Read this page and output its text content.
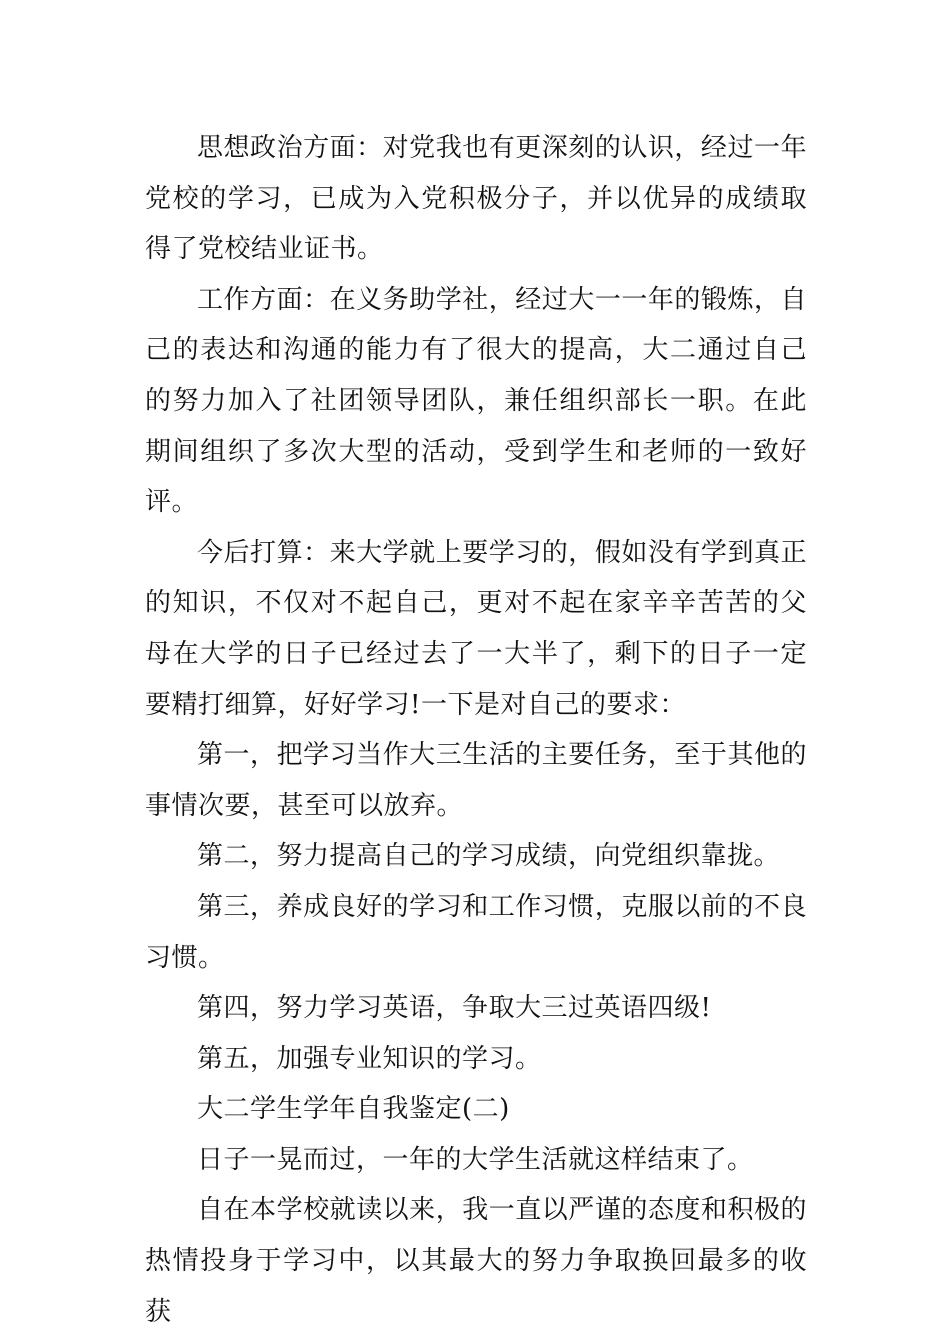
思想政治方面：对党我也有更深刻的认识，经过一年党校的学习，已成为入党积极分子，并以优异的成绩取得了党校结业证书。

工作方面：在义务助学社，经过大一一年的锻炼，自己的表达和沟通的能力有了很大的提高，大二通过自己的努力加入了社团领导团队，兼任组织部长一职。在此期间组织了多次大型的活动，受到学生和老师的一致好评。

今后打算：来大学就上要学习的，假如没有学到真正的知识，不仅对不起自己，更对不起在家辛辛苦苦的父母在大学的日子已经过去了一大半了，剩下的日子一定要精打细算，好好学习!一下是对自己的要求：

第一，把学习当作大三生活的主要任务，至于其他的事情次要，甚至可以放弃。

第二，努力提高自己的学习成绩，向党组织靠拢。

第三，养成良好的学习和工作习惯，克服以前的不良习惯。

第四，努力学习英语，争取大三过英语四级!

第五，加强专业知识的学习。

大二学生学年自我鉴定(二)

日子一晃而过，一年的大学生活就这样结束了。

自在本学校就读以来，我一直以严谨的态度和积极的热情投身于学习中，以其最大的努力争取换回最多的收获
